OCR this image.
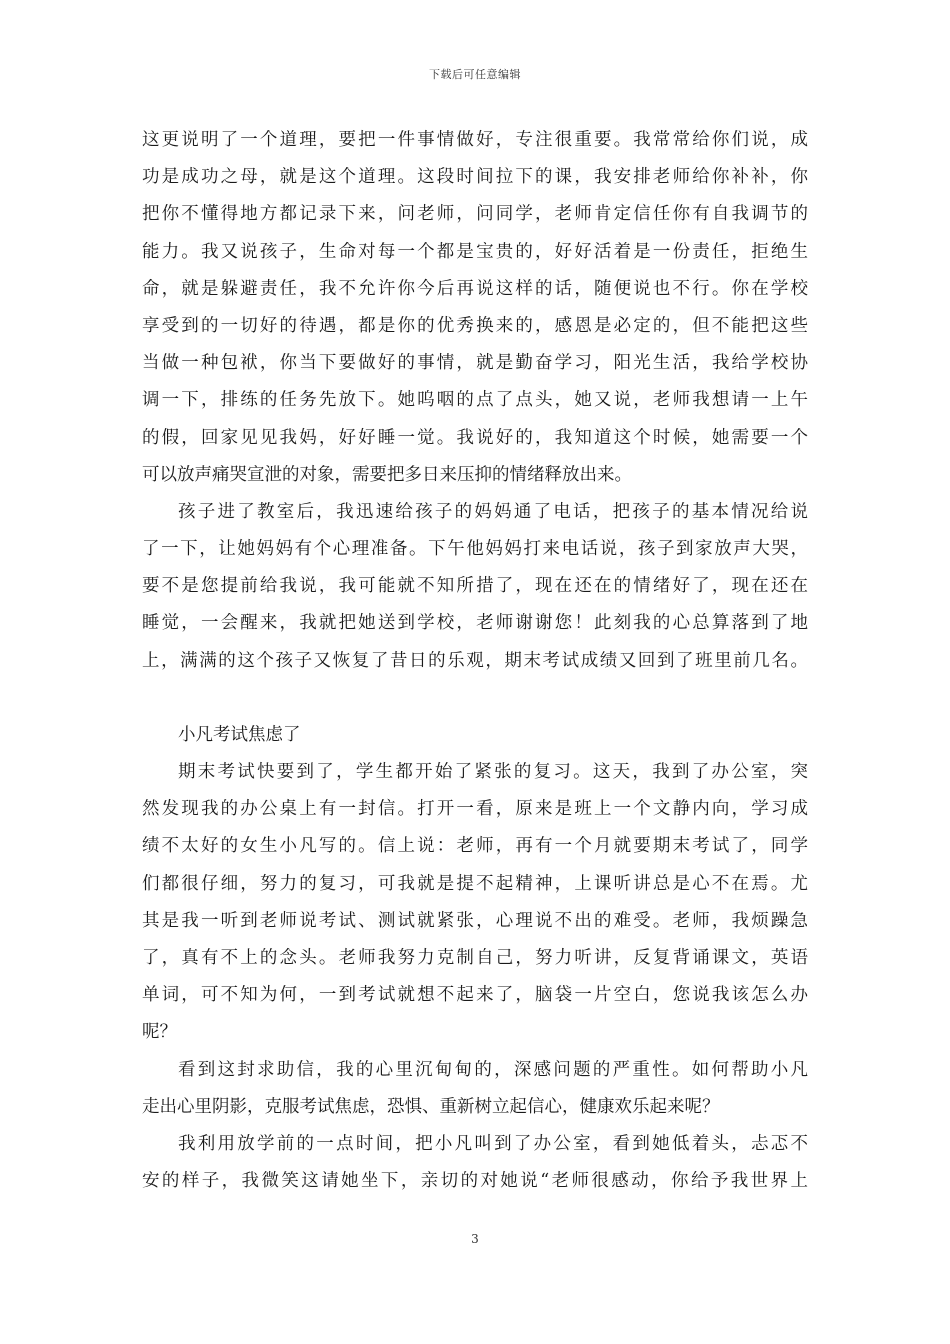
下载后可任意编辑
这更说明了一个道理，要把一件事情做好，专注很重要。我常常给你们说，成
功是成功之母，就是这个道理。这段时间拉下的课，我安排老师给你补补，你
把你不懂得地方都记录下来，问老师，问同学，老师肯定信任你有自我调节的
能力。我又说孩子，生命对每一个都是宝贵的，好好活着是一份责任，拒绝生
命，就是躲避责任，我不允许你今后再说这样的话，随便说也不行。你在学校
享受到的一切好的待遇，都是你的优秀换来的，感恩是必定的，但不能把这些
当做一种包袱，你当下要做好的事情，就是勤奋学习，阳光生活，我给学校协
调一下，排练的任务先放下。她呜咽的点了点头，她又说，老师我想请一上午
的假，回家见见我妈，好好睡一觉。我说好的，我知道这个时候，她需要一个
可以放声痛哭宣泄的对象，需要把多日来压抑的情绪释放出来。
孩子进了教室后，我迅速给孩子的妈妈通了电话，把孩子的基本情况给说
了一下，让她妈妈有个心理准备。下午他妈妈打来电话说，孩子到家放声大哭，
要不是您提前给我说，我可能就不知所措了，现在还在的情绪好了，现在还在
睡觉，一会醒来，我就把她送到学校，老师谢谢您！此刻我的心总算落到了地
上，满满的这个孩子又恢复了昔日的乐观，期末考试成绩又回到了班里前几名。
小凡考试焦虑了
期末考试快要到了，学生都开始了紧张的复习。这天，我到了办公室，突
然发现我的办公桌上有一封信。打开一看，原来是班上一个文静内向，学习成
绩不太好的女生小凡写的。信上说：老师，再有一个月就要期末考试了，同学
们都很仔细，努力的复习，可我就是提不起精神，上课听讲总是心不在焉。尤
其是我一听到老师说考试、测试就紧张，心理说不出的难受。老师，我烦躁急
了，真有不上的念头。老师我努力克制自己，努力听讲，反复背诵课文，英语
单词，可不知为何，一到考试就想不起来了，脑袋一片空白，您说我该怎么办
呢？
看到这封求助信，我的心里沉甸甸的，深感问题的严重性。如何帮助小凡
走出心里阴影，克服考试焦虑，恐惧、重新树立起信心，健康欢乐起来呢？
我利用放学前的一点时间，把小凡叫到了办公室，看到她低着头，忐忑不
安的样子，我微笑这请她坐下，亲切的对她说“老师很感动，你给予我世界上
3
